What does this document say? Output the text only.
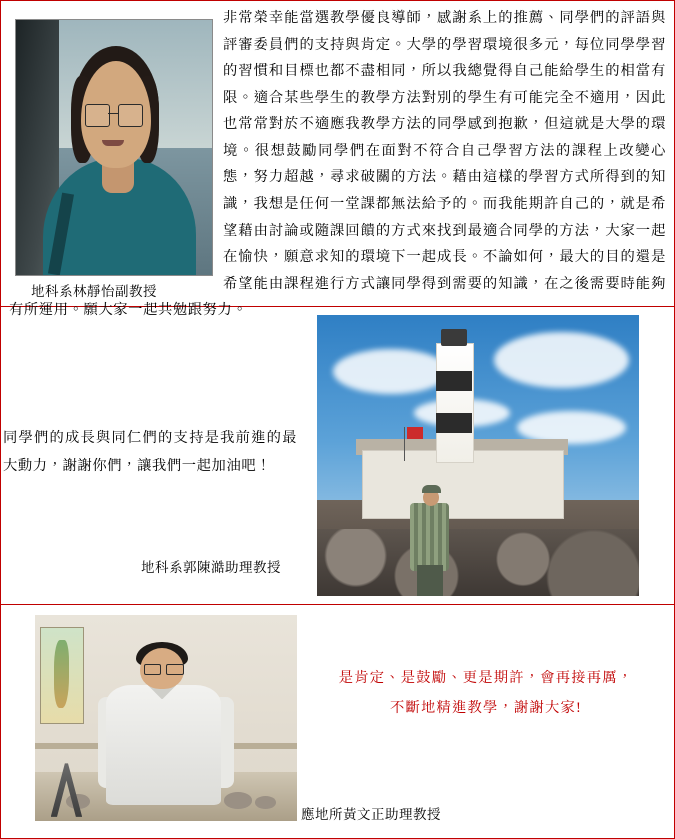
非常榮幸能當選教學優良導師，感謝系上的推薦、同學們的評語與評審委員們的支持與肯定。大學的學習環境很多元，每位同學學習的習慣和目標也都不盡相同，所以我總覺得自己能給學生的相當有限。適合某些學生的教學方法對別的學生有可能完全不適用，因此也常常對於不適應我教學方法的同學感到抱歉，但這就是大學的環境。很想鼓勵同學們在面對不符合自己學習方法的課程上改變心態，努力超越，尋求破關的方法。藉由這樣的學習方式所得到的知識，我想是任何一堂課都無法給予的。而我能期許自己的，就是希望藉由討論或隨課回饋的方式來找到最適合同學的方法，大家一起在愉快，願意求知的環境下一起成長。不論如何，最大的目的還是希望能由課程進行方式讓同學得到需要的知識，在之後需要時能夠有所運用。願大家一起共勉跟努力。
地科系林靜怡副教授
同學們的成長與同仁們的支持是我前進的最大動力，謝謝你們，讓我們一起加油吧！
地科系郭陳澔助理教授
是肯定、是鼓勵、更是期許，會再接再厲，
不斷地精進教學，謝謝大家!
應地所黃文正助理教授
